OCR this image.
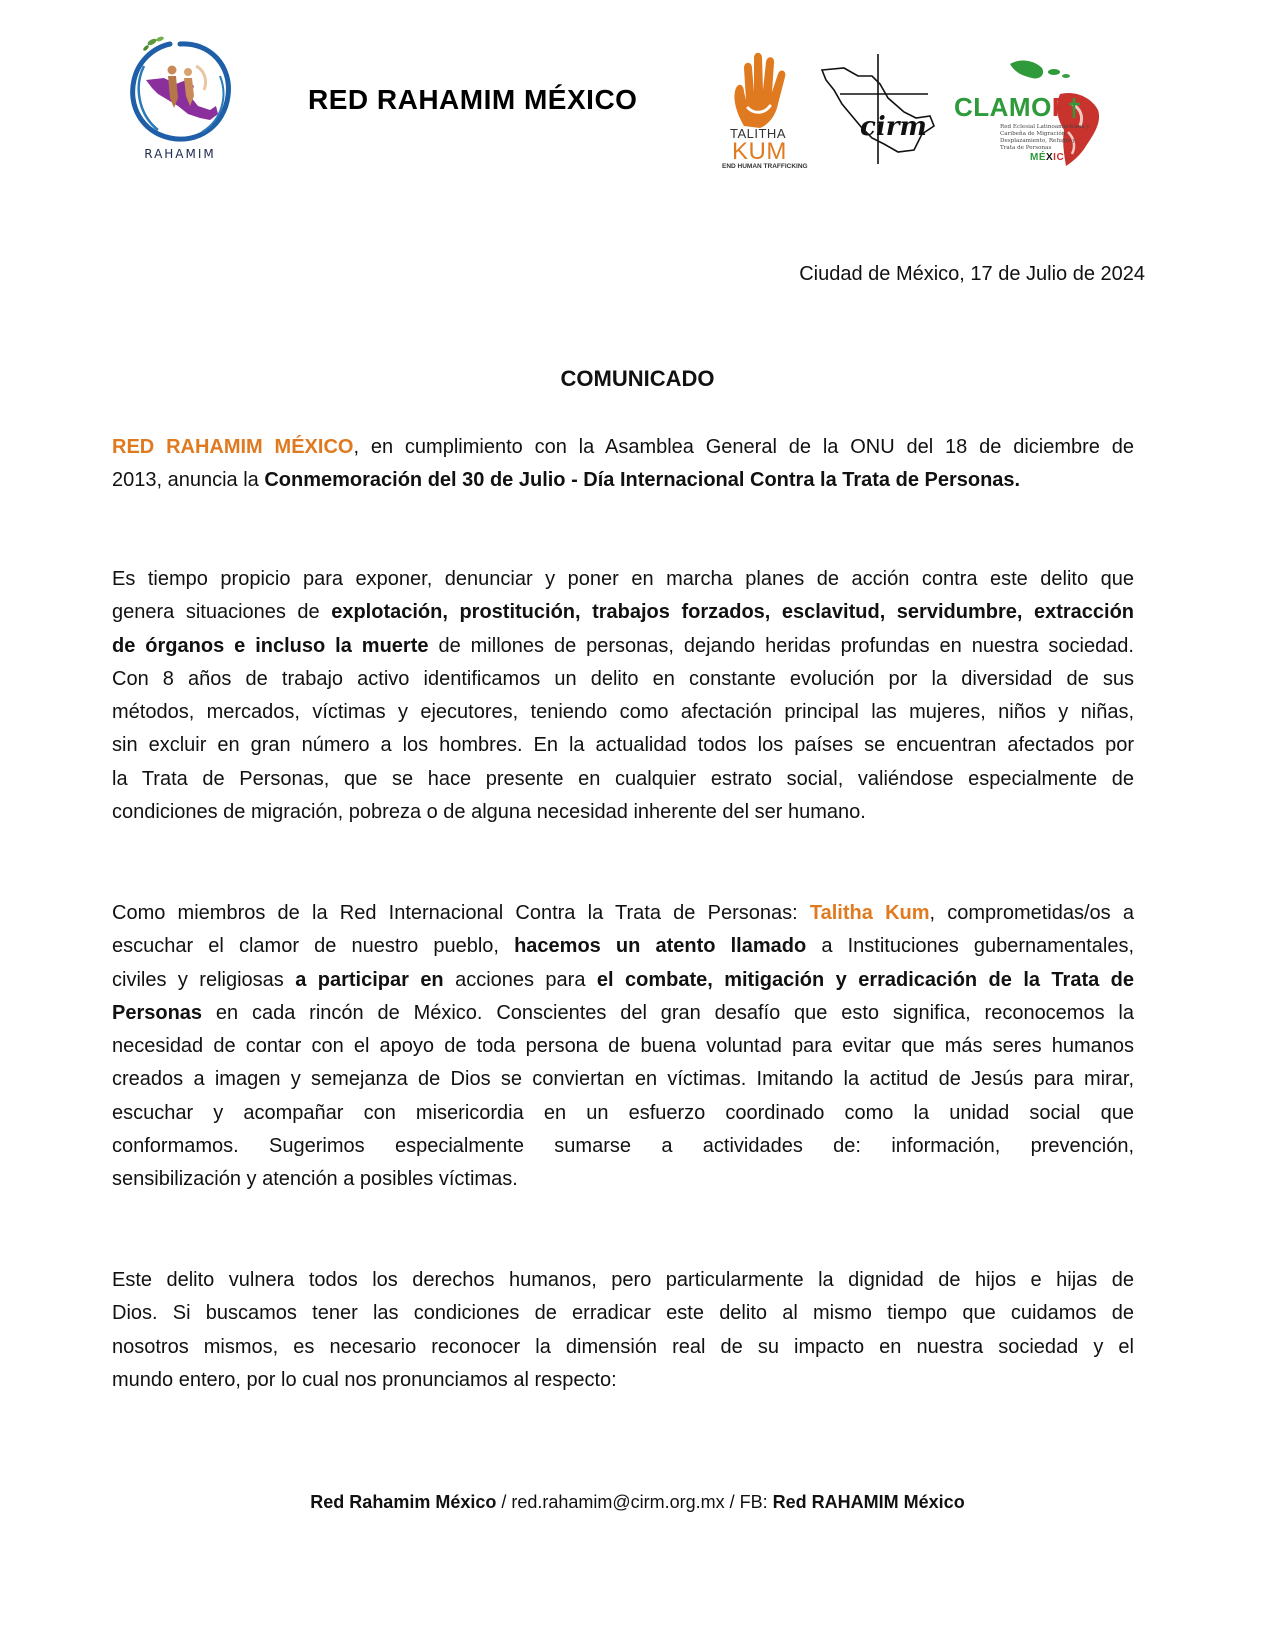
RAHAMIM
RED RAHAMIM MÉXICO
TALITHA
KUM
END HUMAN TRAFFICKING
cirm
CLAMOR
Red Eclesial Latinoamericana y Caribeña de Migración, Desplazamiento, Refugio y Trata de Personas
MÉXICO
Ciudad de México, 17 de Julio de 2024
COMUNICADO
RED RAHAMIM MÉXICO, en cumplimiento con la Asamblea General de la ONU del 18 de diciembre de
2013, anuncia la Conmemoración del 30 de Julio - Día Internacional Contra la Trata de Personas.
Es tiempo propicio para exponer, denunciar y poner en marcha planes de acción contra este delito que
genera situaciones de explotación, prostitución, trabajos forzados, esclavitud, servidumbre, extracción
de órganos e incluso la muerte de millones de personas, dejando heridas profundas en nuestra sociedad.
Con 8 años de trabajo activo identificamos un delito en constante evolución por la diversidad de sus
métodos, mercados, víctimas y ejecutores, teniendo como afectación principal las mujeres, niños y niñas,
sin excluir en gran número a los hombres. En la actualidad todos los países se encuentran afectados por
la Trata de Personas, que se hace presente en cualquier estrato social, valiéndose especialmente de
condiciones de migración, pobreza o de alguna necesidad inherente del ser humano.
Como miembros de la Red Internacional Contra la Trata de Personas: Talitha Kum, comprometidas/os a
escuchar el clamor de nuestro pueblo, hacemos un atento llamado a Instituciones gubernamentales,
civiles y religiosas a participar en acciones para el combate, mitigación y erradicación de la Trata de
Personas en cada rincón de México. Conscientes del gran desafío que esto significa, reconocemos la
necesidad de contar con el apoyo de toda persona de buena voluntad para evitar que más seres humanos
creados a imagen y semejanza de Dios se conviertan en víctimas. Imitando la actitud de Jesús para mirar,
escuchar y acompañar con misericordia en un esfuerzo coordinado como la unidad social que
conformamos. Sugerimos especialmente sumarse a actividades de: información, prevención,
sensibilización y atención a posibles víctimas.
Este delito vulnera todos los derechos humanos, pero particularmente la dignidad de hijos e hijas de
Dios. Si buscamos tener las condiciones de erradicar este delito al mismo tiempo que cuidamos de
nosotros mismos, es necesario reconocer la dimensión real de su impacto en nuestra sociedad y el
mundo entero, por lo cual nos pronunciamos al respecto:
Red Rahamim México / red.rahamim@cirm.org.mx / FB: Red RAHAMIM México
